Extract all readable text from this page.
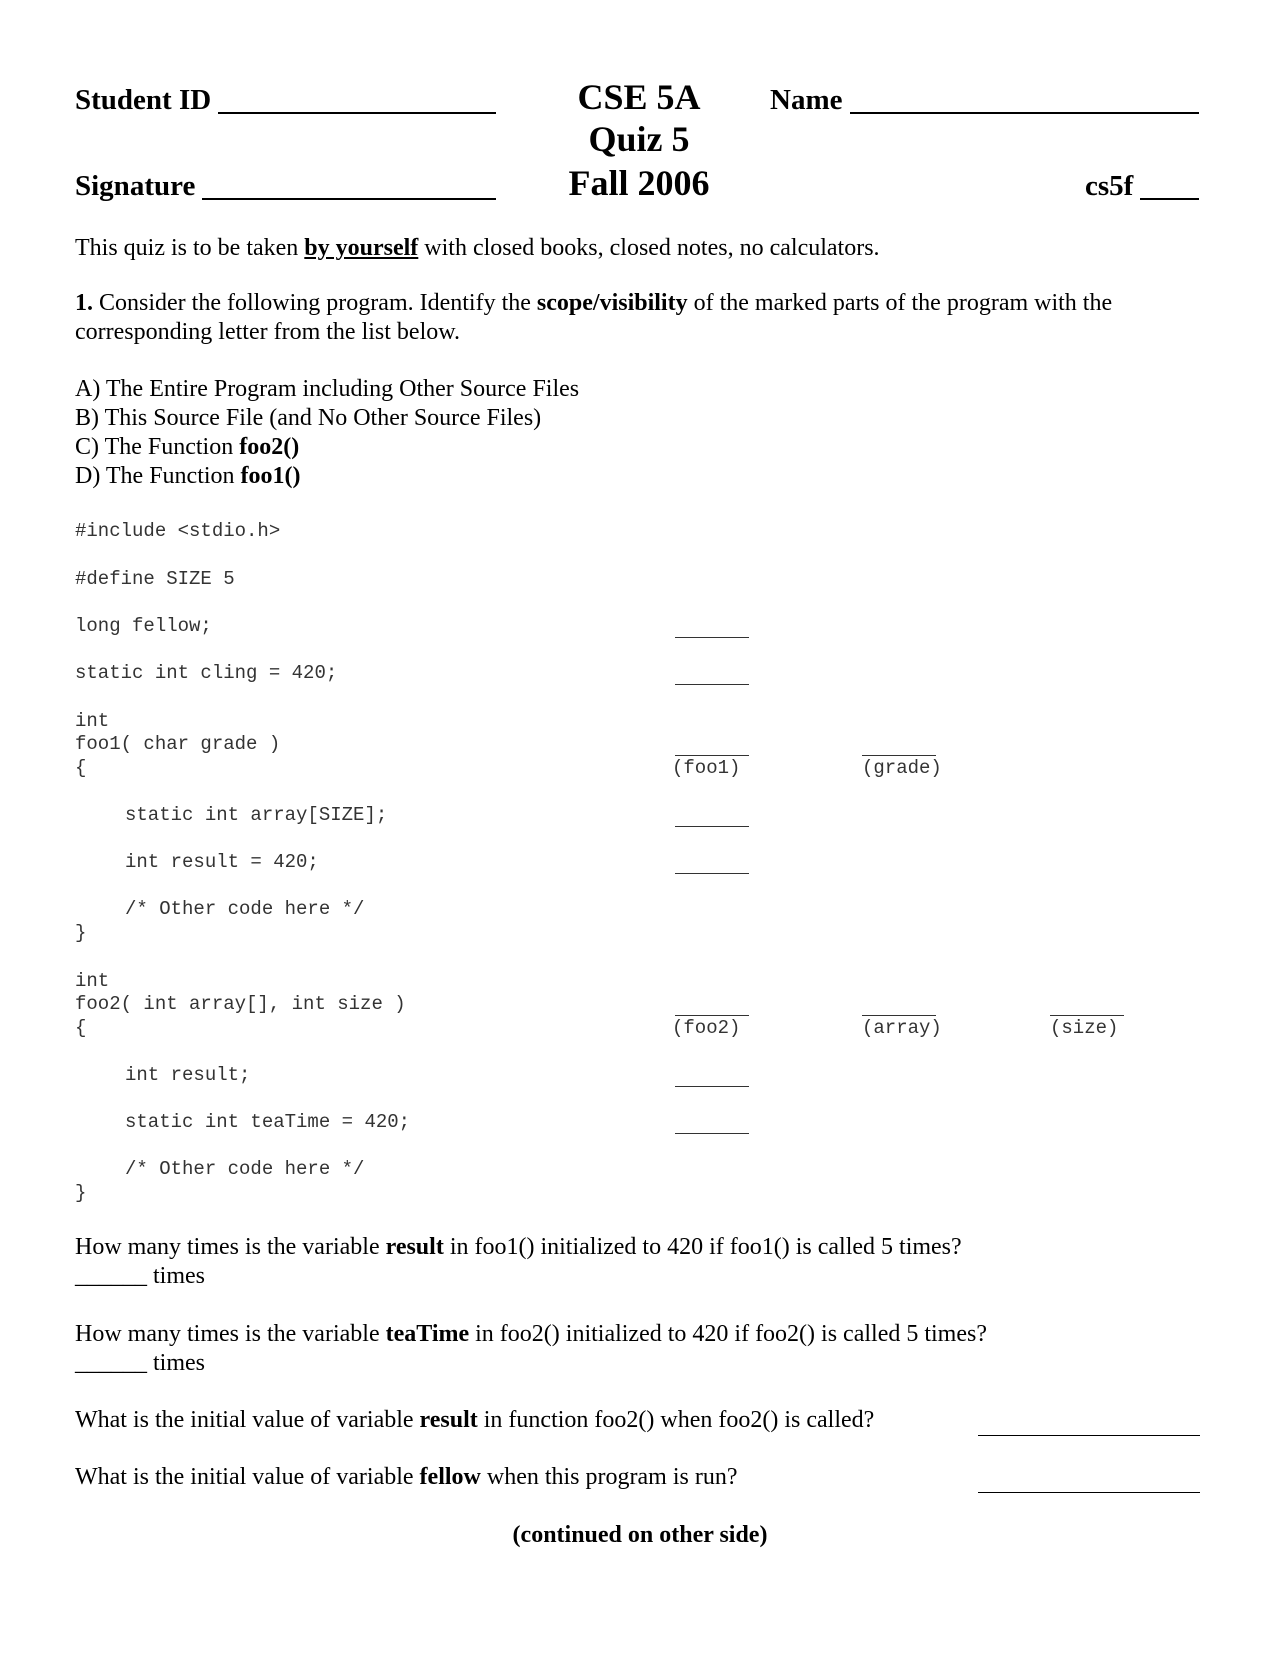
Student ID
Signature
CSE 5A
Quiz 5
Fall 2006
Name
cs5f
This quiz is to be taken by yourself with closed books, closed notes, no calculators.
1. Consider the following program. Identify the scope/visibility of the marked parts of the program with the
corresponding letter from the list below.
A) The Entire Program including Other Source Files
B) This Source File (and No Other Source Files)
C) The Function foo2()
D) The Function foo1()
#include <stdio.h>
#define SIZE 5
long fellow;
static int cling = 420;
int
foo1( char grade )
{
static int array[SIZE];
int result = 420;
/* Other code here */
}
int
foo2( int array[], int size )
{
int result;
static int teaTime = 420;
/* Other code here */
}
(foo1)	(grade)
(foo2)	(array)	(size)
How many times is the variable result in foo1() initialized to 420 if foo1() is called 5 times?
______ times
How many times is the variable teaTime in foo2() initialized to 420 if foo2() is called 5 times?
______ times
What is the initial value of variable result in function foo2() when foo2() is called?
What is the initial value of variable fellow when this program is run?
(continued on other side)
